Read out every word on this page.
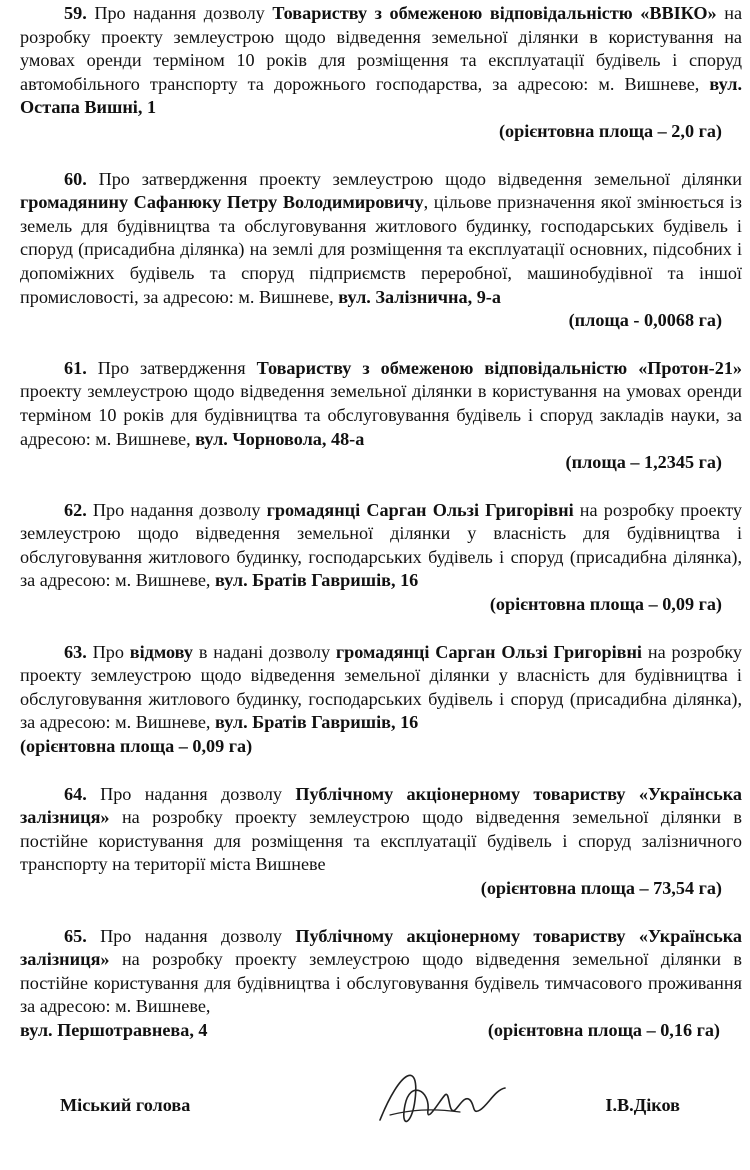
59. Про надання дозволу Товариству з обмеженою відповідальністю «ВВІКО» на розробку проекту землеустрою щодо відведення земельної ділянки в користування на умовах оренди терміном 10 років для розміщення та експлуатації будівель і споруд автомобільного транспорту та дорожнього господарства, за адресою: м. Вишневе, вул. Остапа Вишні, 1

(орієнтовна площа – 2,0 га)

60. Про затвердження проекту землеустрою щодо відведення земельної ділянки громадянину Сафанюку Петру Володимировичу, цільове призначення якої змінюється із земель для будівництва та обслуговування житлового будинку, господарських будівель і споруд (присадибна ділянка) на землі для розміщення та експлуатації основних, підсобних і допоміжних будівель та споруд підприємств переробної, машинобудівної та іншої промисловості, за адресою: м. Вишневе, вул. Залізнична, 9-а

(площа - 0,0068 га)

61. Про затвердження Товариству з обмеженою відповідальністю «Протон-21» проекту землеустрою щодо відведення земельної ділянки в користування на умовах оренди терміном 10 років для будівництва та обслуговування будівель і споруд закладів науки, за адресою: м. Вишневе, вул. Чорновола, 48-а

(площа – 1,2345 га)

62. Про надання дозволу громадянці Сарган Ользі Григорівні на розробку проекту землеустрою щодо відведення земельної ділянки у власність для будівництва і обслуговування житлового будинку, господарських будівель і споруд (присадибна ділянка), за адресою: м. Вишневе, вул. Братів Гавришів, 16

(орієнтовна площа – 0,09 га)

63. Про відмову в надані дозволу громадянці Сарган Ользі Григорівні на розробку проекту землеустрою щодо відведення земельної ділянки у власність для будівництва і обслуговування житлового будинку, господарських будівель і споруд (присадибна ділянка), за адресою: м. Вишневе, вул. Братів Гавришів, 16

(орієнтовна площа – 0,09 га)

64. Про надання дозволу Публічному акціонерному товариству «Українська залізниця» на розробку проекту землеустрою щодо відведення земельної ділянки в постійне користування для розміщення та експлуатації будівель і споруд залізничного транспорту на території міста Вишневе

(орієнтовна площа – 73,54 га)

65. Про надання дозволу Публічному акціонерному товариству «Українська залізниця» на розробку проекту землеустрою щодо відведення земельної ділянки в постійне користування для будівництва і обслуговування будівель тимчасового проживання за адресою: м. Вишневе,

вул. Першотравнева, 4	(орієнтовна площа – 0,16 га)
Міський голова	І.В.Діков
